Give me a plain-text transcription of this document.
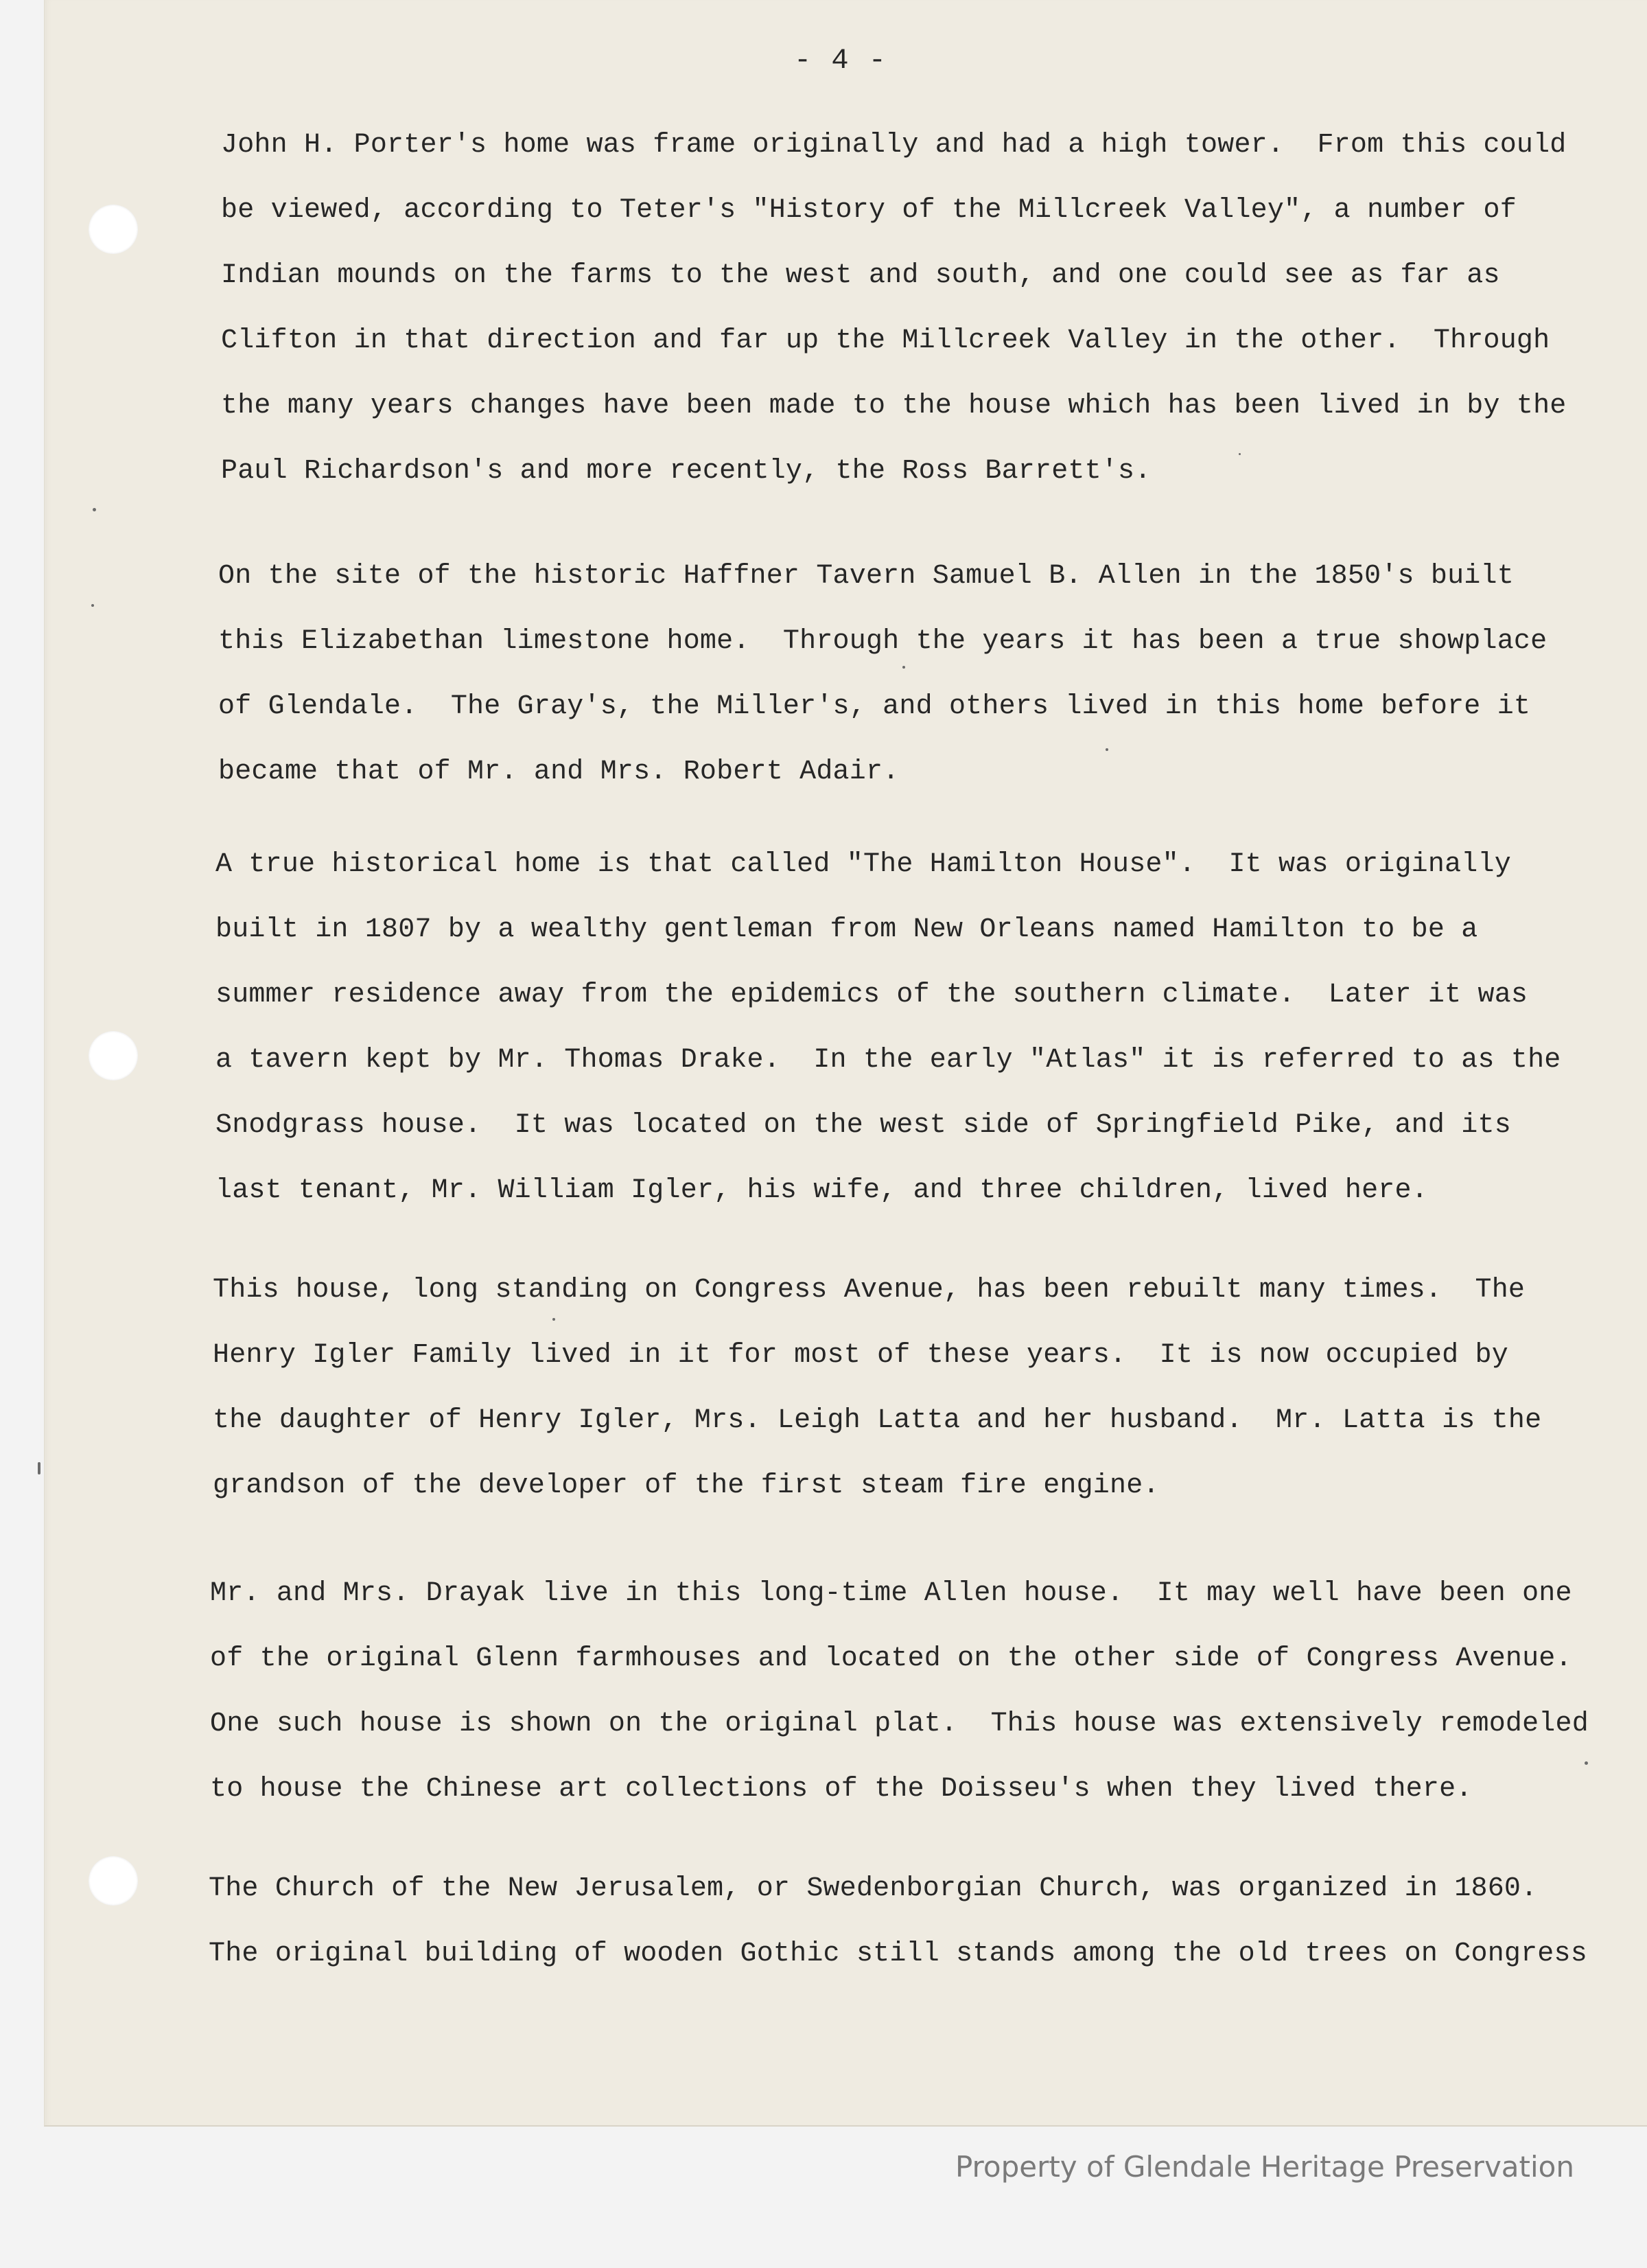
- 4 -

John H. Porter's home was frame originally and had a high tower.  From this could
be viewed, according to Teter's "History of the Millcreek Valley", a number of
Indian mounds on the farms to the west and south, and one could see as far as
Clifton in that direction and far up the Millcreek Valley in the other.  Through
the many years changes have been made to the house which has been lived in by the
Paul Richardson's and more recently, the Ross Barrett's.

On the site of the historic Haffner Tavern Samuel B. Allen in the 1850's built
this Elizabethan limestone home.  Through the years it has been a true showplace
of Glendale.  The Gray's, the Miller's, and others lived in this home before it
became that of Mr. and Mrs. Robert Adair.

A true historical home is that called "The Hamilton House".  It was originally
built in 1807 by a wealthy gentleman from New Orleans named Hamilton to be a
summer residence away from the epidemics of the southern climate.  Later it was
a tavern kept by Mr. Thomas Drake.  In the early "Atlas" it is referred to as the
Snodgrass house.  It was located on the west side of Springfield Pike, and its
last tenant, Mr. William Igler, his wife, and three children, lived here.

This house, long standing on Congress Avenue, has been rebuilt many times.  The
Henry Igler Family lived in it for most of these years.  It is now occupied by
the daughter of Henry Igler, Mrs. Leigh Latta and her husband.  Mr. Latta is the
grandson of the developer of the first steam fire engine.

Mr. and Mrs. Drayak live in this long-time Allen house.  It may well have been one
of the original Glenn farmhouses and located on the other side of Congress Avenue.
One such house is shown on the original plat.  This house was extensively remodeled
to house the Chinese art collections of the Doisseu's when they lived there.

The Church of the New Jerusalem, or Swedenborgian Church, was organized in 1860.
The original building of wooden Gothic still stands among the old trees on Congress

Property of Glendale Heritage Preservation
